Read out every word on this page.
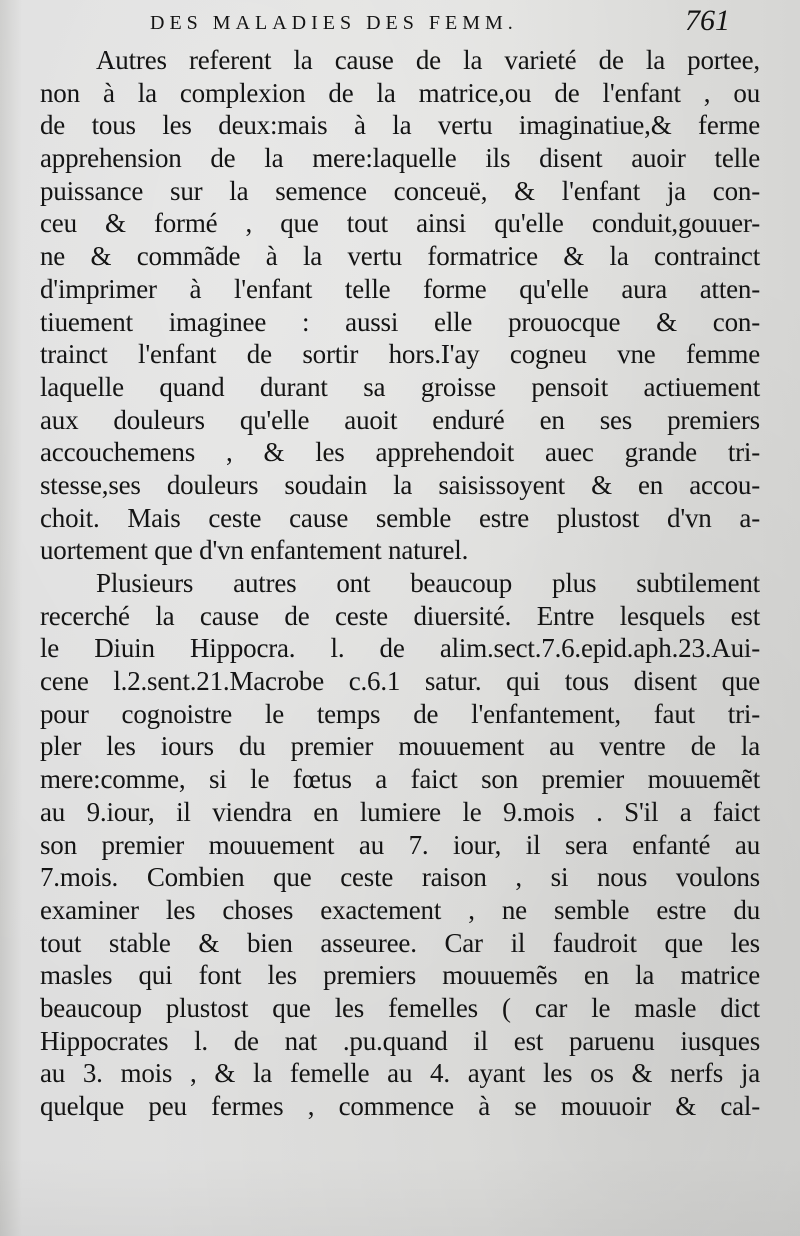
DES MALADIES DES FEMM.	761
Autres referent la cause de la varieté de la portee,
non à la complexion de la matrice,ou de l'enfant , ou
de tous les deux:mais à la vertu imaginatiue,& ferme
apprehension de la mere:laquelle ils disent auoir telle
puissance sur la semence conceuë, & l'enfant ja con-
ceu & formé , que tout ainsi qu'elle conduit,gouuer-
ne & commãde à la vertu formatrice & la contrainct
d'imprimer à l'enfant telle forme qu'elle aura atten-
tiuement imaginee : aussi elle prouocque & con-
trainct l'enfant de sortir hors.I'ay cogneu vne femme
laquelle quand durant sa groisse pensoit actiuement
aux douleurs qu'elle auoit enduré en ses premiers
accouchemens , & les apprehendoit auec grande tri-
stesse,ses douleurs soudain la saisissoyent & en accou-
choit. Mais ceste cause semble estre plustost d'vn a-
uortement que d'vn enfantement naturel.
Plusieurs autres ont beaucoup plus subtilement
recerché la cause de ceste diuersité. Entre lesquels est
le Diuin Hippocra. l. de alim.sect.7.6.epid.aph.23.Aui-
cene l.2.sent.21.Macrobe c.6.1 satur. qui tous disent que
pour cognoistre le temps de l'enfantement, faut tri-
pler les iours du premier mouuement au ventre de la
mere:comme, si le fœtus a faict son premier mouuemẽt
au 9.iour, il viendra en lumiere le 9.mois . S'il a faict
son premier mouuement au 7. iour, il sera enfanté au
7.mois. Combien que ceste raison , si nous voulons
examiner les choses exactement , ne semble estre du
tout stable & bien asseuree. Car il faudroit que les
masles qui font les premiers mouuemẽs en la matrice
beaucoup plustost que les femelles ( car le masle dict
Hippocrates l. de nat .pu.quand il est paruenu iusques
au 3. mois , & la femelle au 4. ayant les os & nerfs ja
quelque peu fermes , commence à se mouuoir & cal-
